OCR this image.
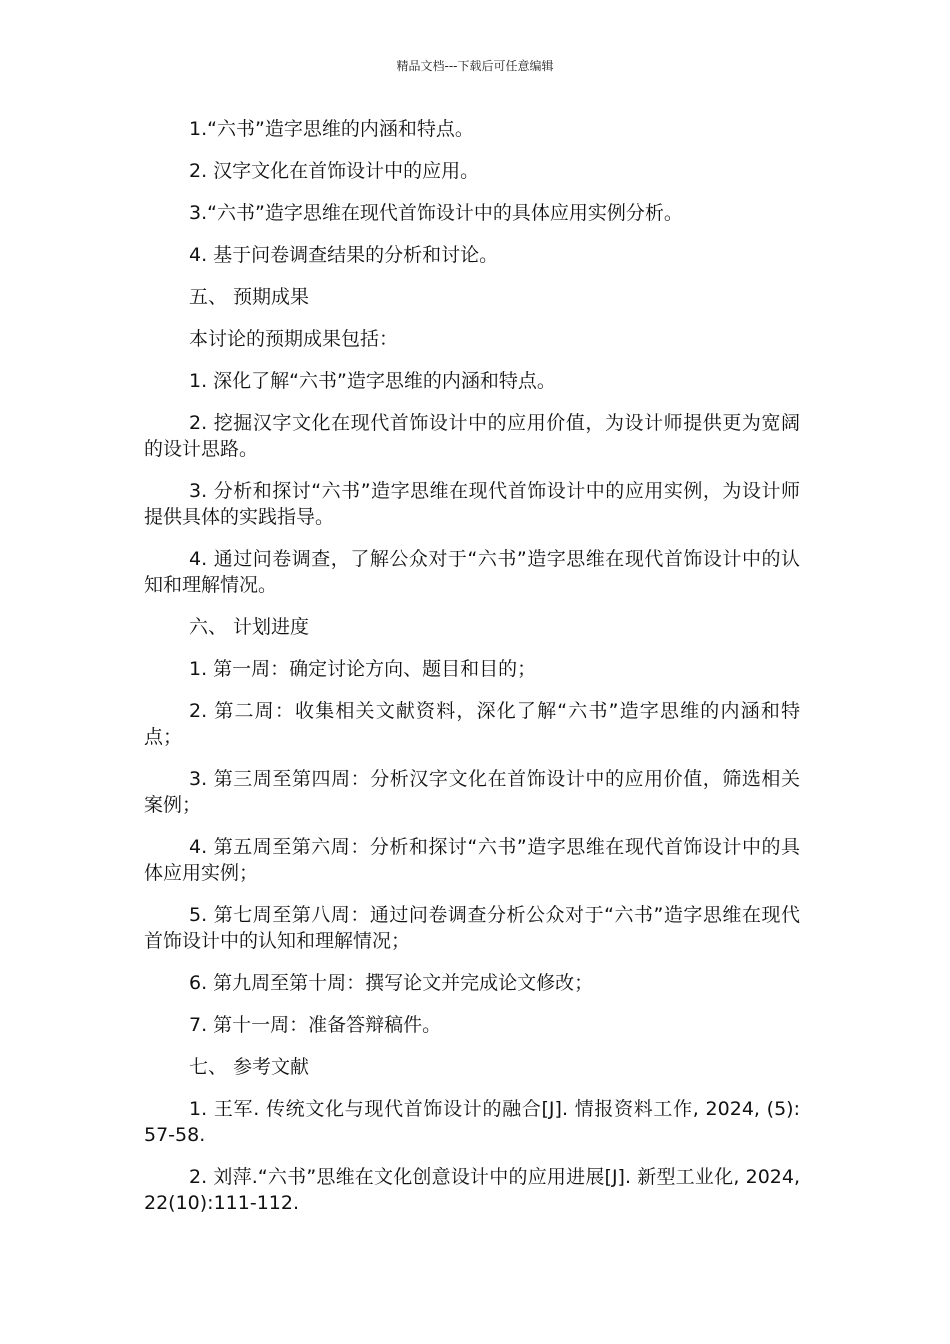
精品文档---下载后可任意编辑

1.“六书”造字思维的内涵和特点。

2. 汉字文化在首饰设计中的应用。

3.“六书”造字思维在现代首饰设计中的具体应用实例分析。

4. 基于问卷调查结果的分析和讨论。

五、 预期成果

本讨论的预期成果包括：

1. 深化了解“六书”造字思维的内涵和特点。

2. 挖掘汉字文化在现代首饰设计中的应用价值，为设计师提供更为宽阔的设计思路。

3. 分析和探讨“六书”造字思维在现代首饰设计中的应用实例，为设计师提供具体的实践指导。

4. 通过问卷调查，了解公众对于“六书”造字思维在现代首饰设计中的认知和理解情况。

六、 计划进度

1. 第一周：确定讨论方向、题目和目的；

2. 第二周：收集相关文献资料，深化了解“六书”造字思维的内涵和特点；

3. 第三周至第四周：分析汉字文化在首饰设计中的应用价值，筛选相关案例；

4. 第五周至第六周：分析和探讨“六书”造字思维在现代首饰设计中的具体应用实例；

5. 第七周至第八周：通过问卷调查分析公众对于“六书”造字思维在现代首饰设计中的认知和理解情况；

6. 第九周至第十周：撰写论文并完成论文修改；

7. 第十一周：准备答辩稿件。

七、 参考文献

1. 王军. 传统文化与现代首饰设计的融合[J]. 情报资料工作, 2024, (5): 57-58.

2. 刘萍.“六书”思维在文化创意设计中的应用进展[J]. 新型工业化, 2024, 22(10):111-112.
